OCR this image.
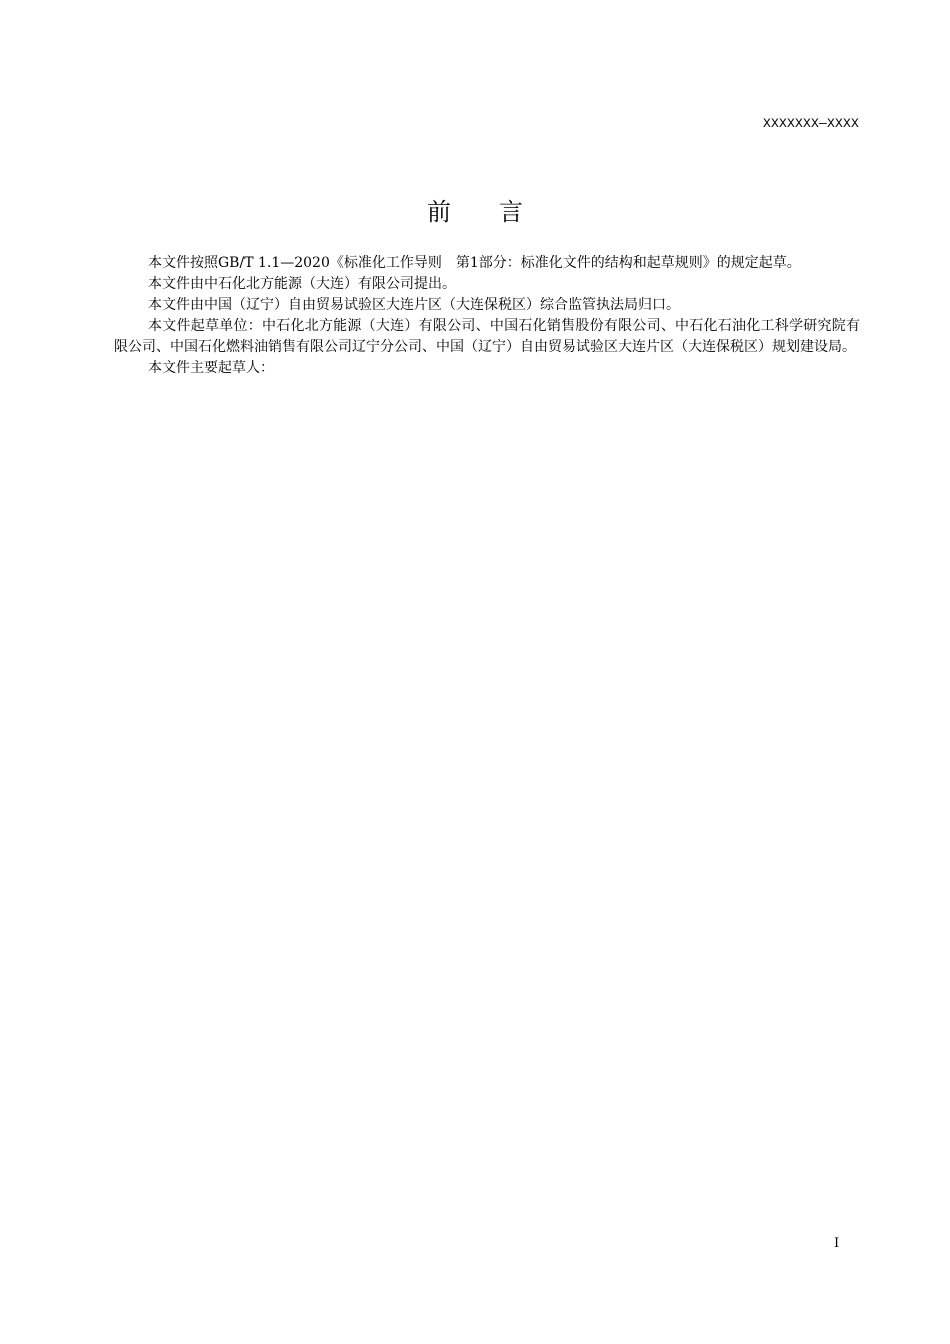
XXXXXXX—XXXX
前 言

本文件按照GB/T 1.1—2020《标准化工作导则　第1部分：标准化文件的结构和起草规则》的规定起草。

本文件由中石化北方能源（大连）有限公司提出。

本文件由中国（辽宁）自由贸易试验区大连片区（大连保税区）综合监管执法局归口。

本文件起草单位：中石化北方能源（大连）有限公司、中国石化销售股份有限公司、中石化石油化工科学研究院有限公司、中国石化燃料油销售有限公司辽宁分公司、中国（辽宁）自由贸易试验区大连片区（大连保税区）规划建设局。

本文件主要起草人：

I
